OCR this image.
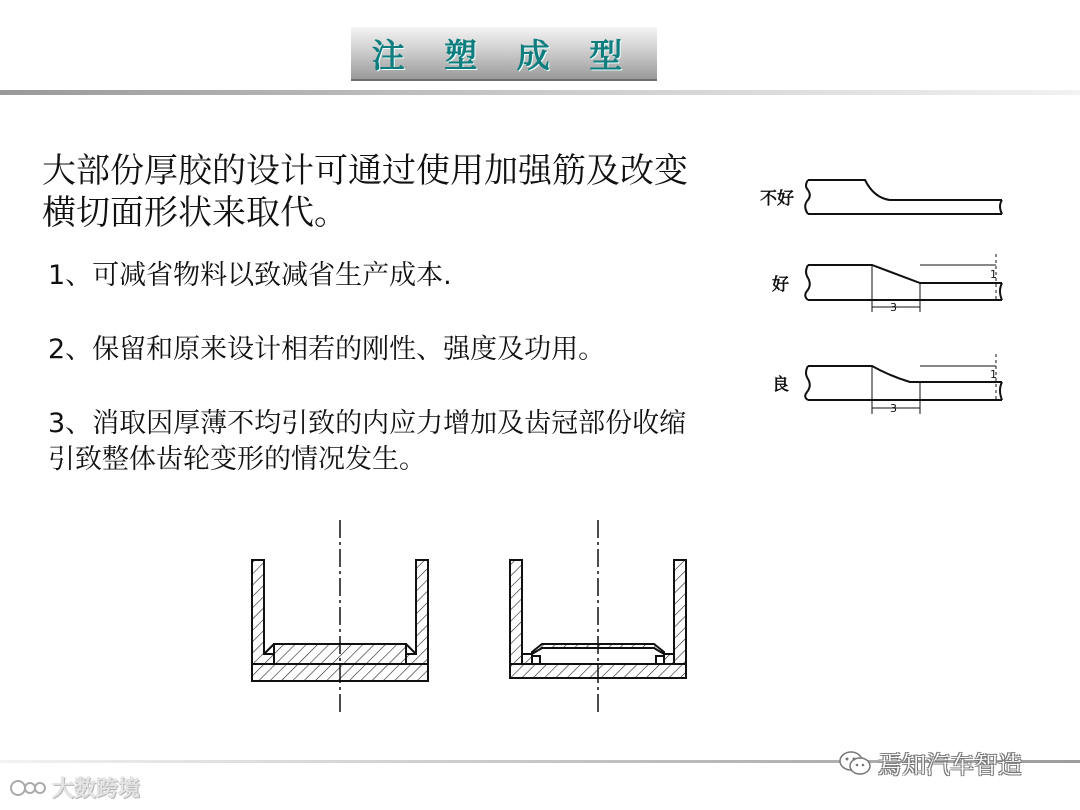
注 塑 成 型
大部份厚胶的设计可通过使用加强筋及改变横切面形状来取代。
1、可减省物料以致减省生产成本.
2、保留和原来设计相若的刚性、强度及功用。
3、消取因厚薄不均引致的内应力增加及齿冠部份收缩引致整体齿轮变形的情况发生。
不好
好
良
3
3
1
1
大数跨境
焉知汽车智造
